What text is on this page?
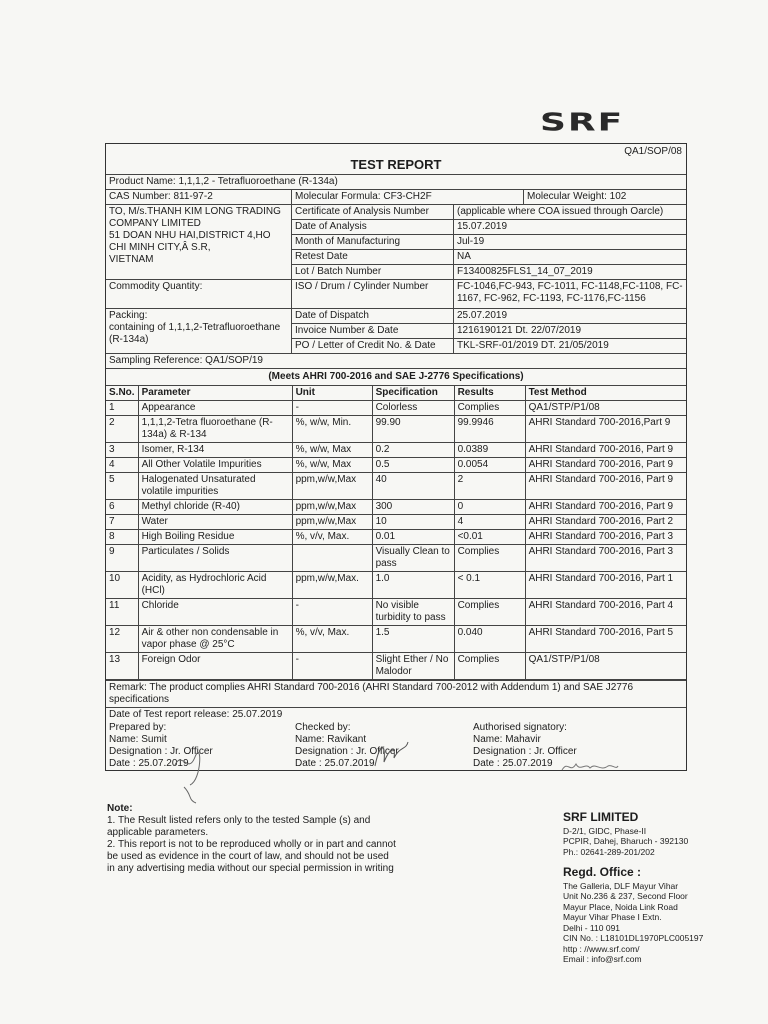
SRF
QA1/SOP/08
TEST REPORT
Product Name: 1,1,1,2 - Tetrafluoroethane (R-134a)
CAS Number: 811-97-2	Molecular Formula: CF3-CH2F	Molecular Weight: 102
TO, M/s.THANH KIM LONG TRADING
COMPANY LIMITED
51 DOAN NHU HAI,DISTRICT 4,HO
CHI MINH CITY,Â S.R,
VIETNAM
Certificate of Analysis Number	(applicable where COA issued through Oarcle)
Date of Analysis	15.07.2019
Month of Manufacturing	Jul-19
Retest Date	NA
Lot / Batch Number	F13400825FLS1_14_07_2019
Commodity Quantity:	ISO / Drum / Cylinder Number	FC-1046,FC-943, FC-1011, FC-1148,FC-1108, FC-1167, FC-962, FC-1193, FC-1176,FC-1156
Packing:
containing of 1,1,1,2-Tetrafluoroethane (R-134a)
Date of Dispatch	25.07.2019
Invoice Number & Date	1216190121 Dt. 22/07/2019
PO / Letter of Credit No. & Date	TKL-SRF-01/2019 DT. 21/05/2019
Sampling Reference: QA1/SOP/19
(Meets AHRI 700-2016 and SAE J-2776 Specifications)
S.No.	Parameter	Unit	Specification	Results	Test Method
1	Appearance	-	Colorless	Complies	QA1/STP/P1/08
2	1,1,1,2-Tetra fluoroethane (R-134a) & R-134	%, w/w, Min.	99.90	99.9946	AHRI Standard 700-2016,Part 9
3	Isomer, R-134	%, w/w, Max	0.2	0.0389	AHRI Standard 700-2016, Part 9
4	All Other Volatile Impurities	%, w/w, Max	0.5	0.0054	AHRI Standard 700-2016, Part 9
5	Halogenated Unsaturated volatile impurities	ppm,w/w,Max	40	2	AHRI Standard 700-2016, Part 9
6	Methyl chloride (R-40)	ppm,w/w,Max	300	0	AHRI Standard 700-2016, Part 9
7	Water	ppm,w/w,Max	10	4	AHRI Standard 700-2016, Part 2
8	High Boiling Residue	%, v/v, Max.	0.01	<0.01	AHRI Standard 700-2016, Part 3
9	Particulates / Solids		Visually Clean to pass	Complies	AHRI Standard 700-2016, Part 3
10	Acidity, as Hydrochloric Acid (HCl)	ppm,w/w,Max.	1.0	< 0.1	AHRI Standard 700-2016, Part 1
11	Chloride	-	No visible turbidity to pass	Complies	AHRI Standard 700-2016, Part 4
12	Air & other non condensable in vapor phase @ 25°C	%, v/v, Max.	1.5	0.040	AHRI Standard 700-2016, Part 5
13	Foreign Odor	-	Slight Ether / No Malodor	Complies	QA1/STP/P1/08
Remark: The product complies AHRI Standard 700-2016 (AHRI Standard 700-2012 with Addendum 1) and SAE J2776 specifications
Date of Test report release: 25.07.2019
Prepared by:
Name: Sumit
Designation : Jr. Officer
Date : 25.07.2019
Checked by:
Name: Ravikant
Designation : Jr. Officer
Date : 25.07.2019
Authorised signatory:
Name: Mahavir
Designation : Jr. Officer
Date : 25.07.2019
Note:
1. The Result listed refers only to the tested Sample (s) and applicable parameters.
2. This report is not to be reproduced wholly or in part and cannot be used as evidence in the court of law, and should not be used in any advertising media without our special permission in writing
SRF LIMITED
D-2/1, GIDC, Phase-II
PCPIR, Dahej, Bharuch - 392130
Ph.: 02641-289-201/202
Regd. Office :
The Galleria, DLF Mayur Vihar
Unit No.236 & 237, Second Floor
Mayur Place, Noida Link Road
Mayur Vihar Phase I Extn.
Delhi - 110 091
CIN No. : L18101DL1970PLC005197
http : //www.srf.com/
Email : info@srf.com
